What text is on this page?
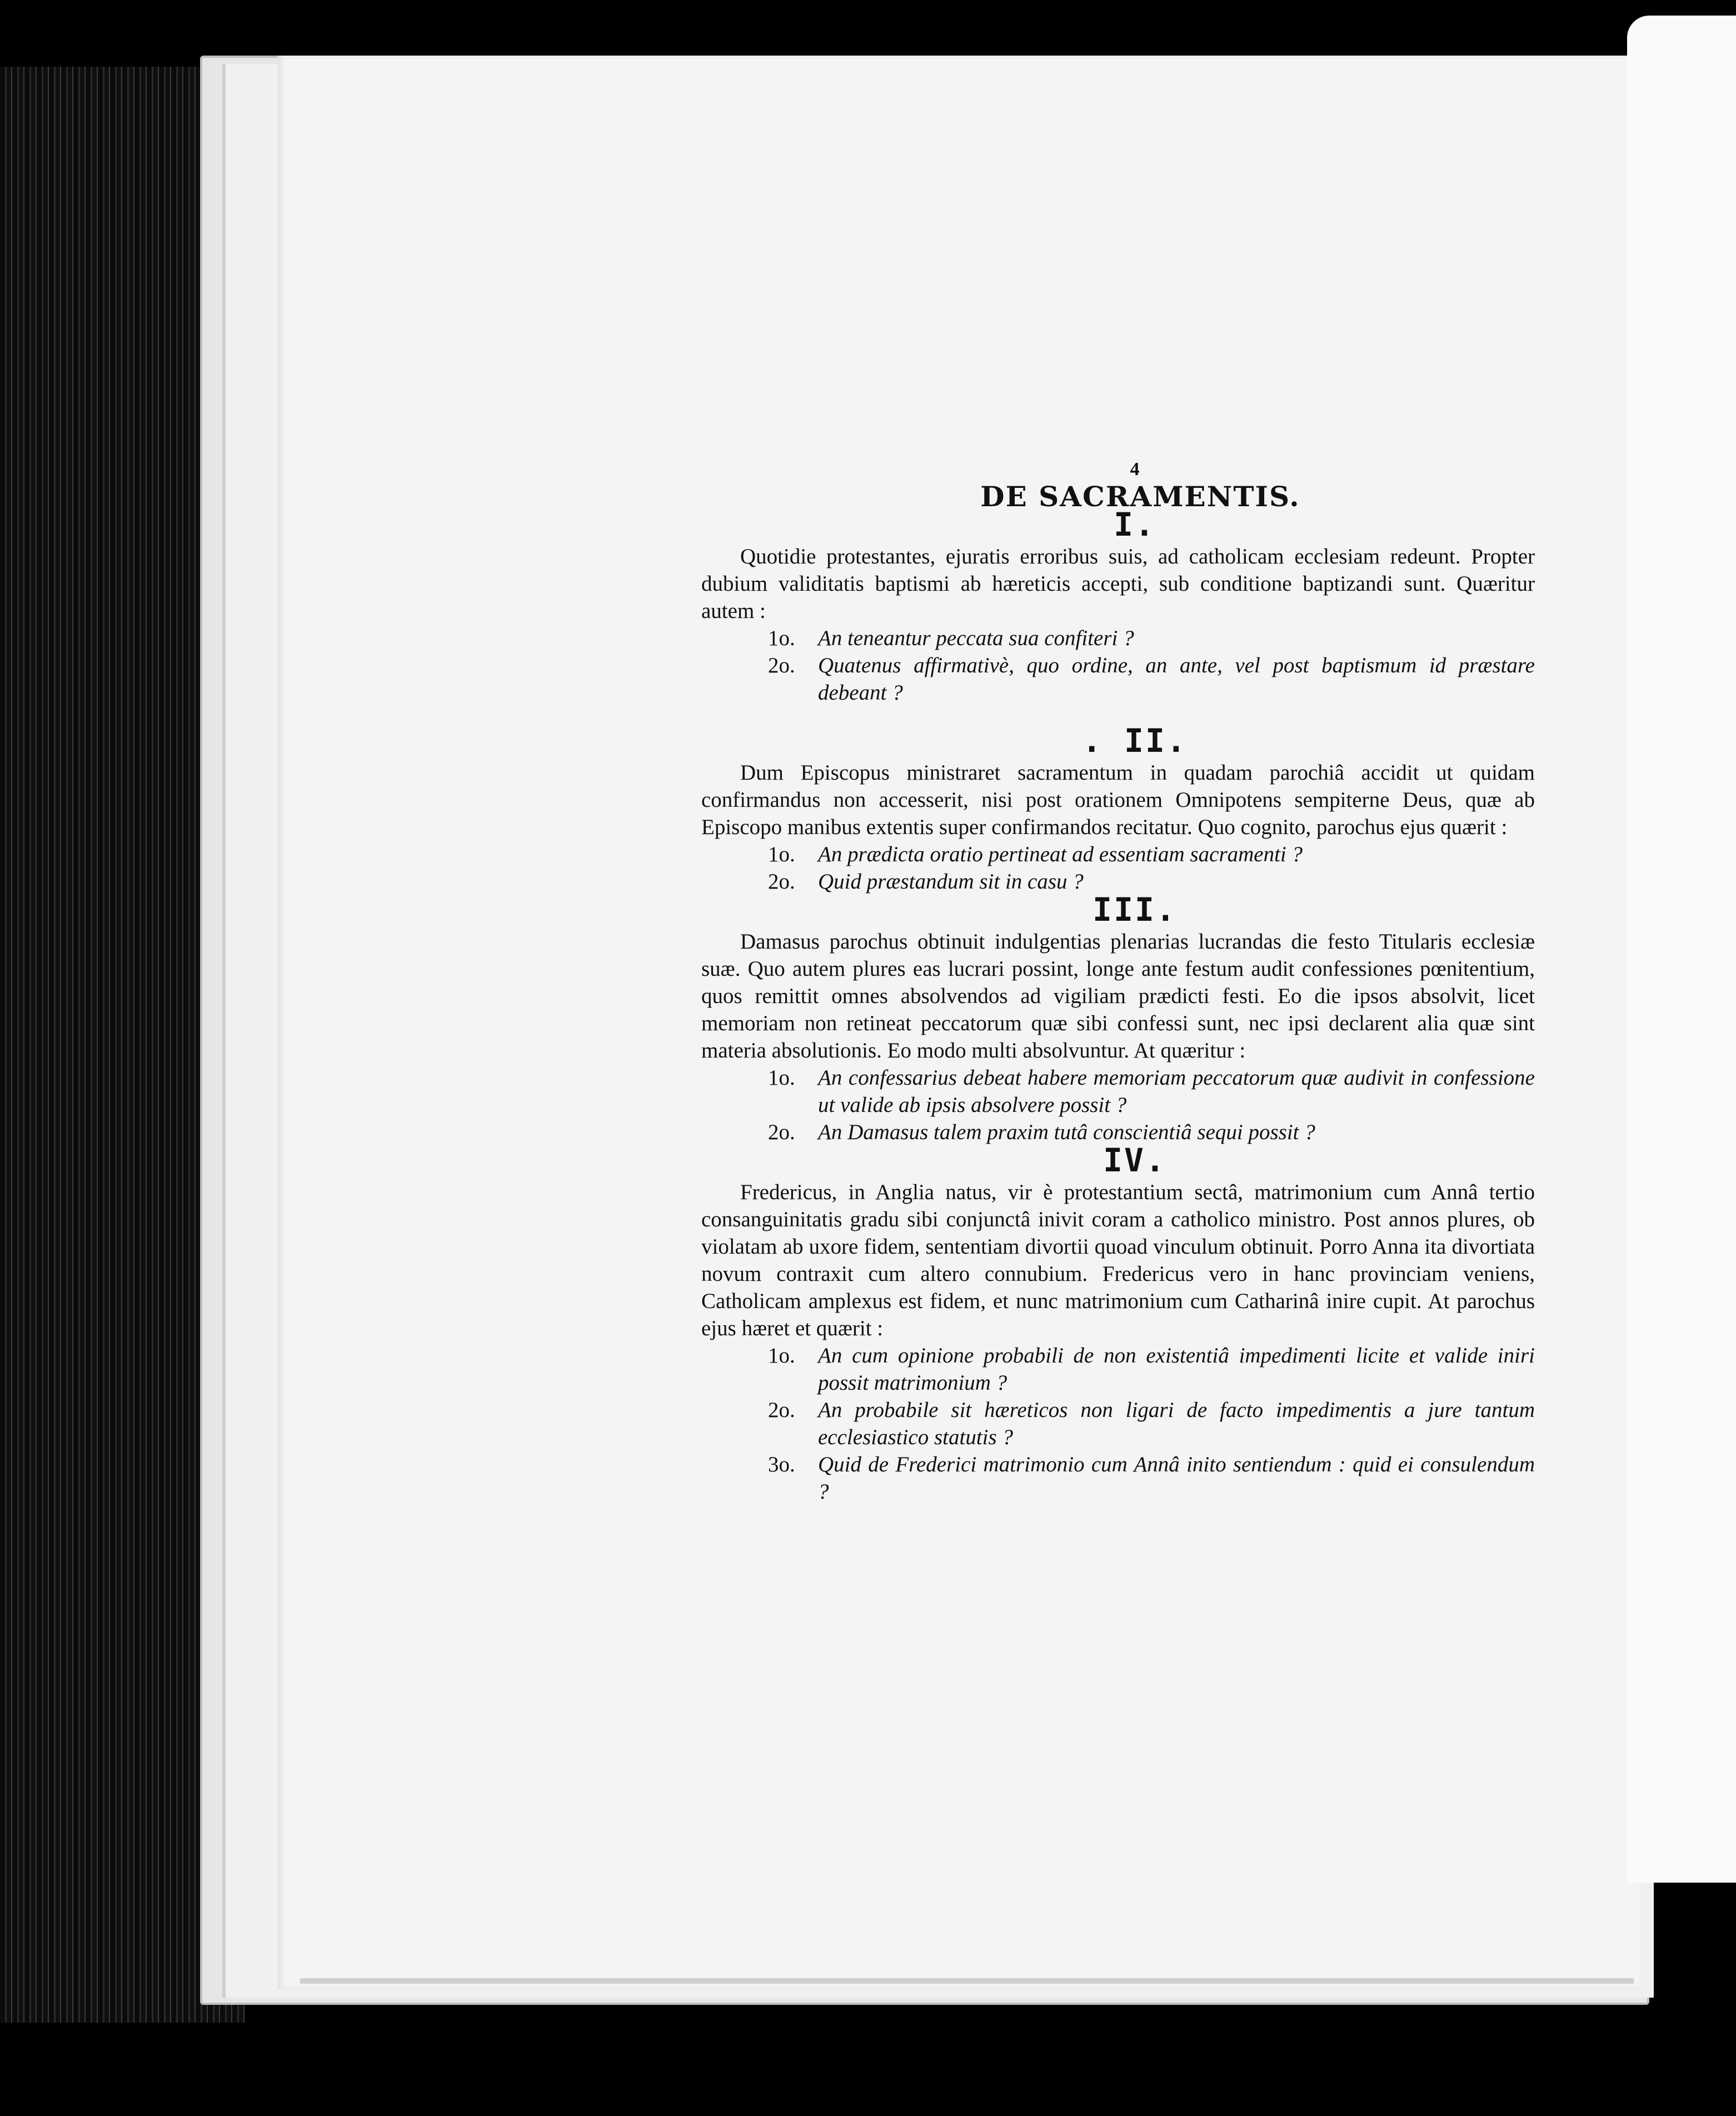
4
DE SACRAMENTIS.
I.

Quotidie protestantes, ejuratis erroribus suis, ad catholicam ecclesiam redeunt. Propter dubium validitatis baptismi ab hæreticis accepti, sub conditione baptizandi sunt. Quæritur autem :

1o. An teneantur peccata sua confiteri ?
2o. Quatenus affirmativè, quo ordine, an ante, vel post baptismum id præstare debeant ?
. II.

Dum Episcopus ministraret sacramentum in quadam parochiâ accidit ut quidam confirmandus non accesserit, nisi post orationem Omnipotens sempiterne Deus, quæ ab Episcopo manibus extentis super confirmandos recitatur. Quo cognito, parochus ejus quærit :

1o. An prædicta oratio pertineat ad essentiam sacramenti ?
2o. Quid præstandum sit in casu ?
III.

Damasus parochus obtinuit indulgentias plenarias lucrandas die festo Titularis ecclesiæ suæ. Quo autem plures eas lucrari possint, longe ante festum audit confessiones pœnitentium, quos remittit omnes absolvendos ad vigiliam prædicti festi. Eo die ipsos absolvit, licet memoriam non retineat peccatorum quæ sibi confessi sunt, nec ipsi declarent alia quæ sint materia absolutionis. Eo modo multi absolvuntur. At quæritur :

1o. An confessarius debeat habere memoriam peccatorum quæ audivit in confessione ut valide ab ipsis absolvere possit ?
2o. An Damasus talem praxim tutâ conscientiâ sequi possit ?
IV.

Fredericus, in Anglia natus, vir è protestantium sectâ, matrimonium cum Annâ tertio consanguinitatis gradu sibi conjunctâ inivit coram a catholico ministro. Post annos plures, ob violatam ab uxore fidem, sententiam divortii quoad vinculum obtinuit. Porro Anna ita divortiata novum contraxit cum altero connubium. Fredericus vero in hanc provinciam veniens, Catholicam amplexus est fidem, et nunc matrimonium cum Catharinâ inire cupit. At parochus ejus hæret et quærit :

1o. An cum opinione probabili de non existentiâ impedimenti licite et valide iniri possit matrimonium ?
2o. An probabile sit hæreticos non ligari de facto impedimentis a jure tantum ecclesiastico statutis ?
3o. Quid de Frederici matrimonio cum Annâ inito sentiendum : quid ei consulendum ?
